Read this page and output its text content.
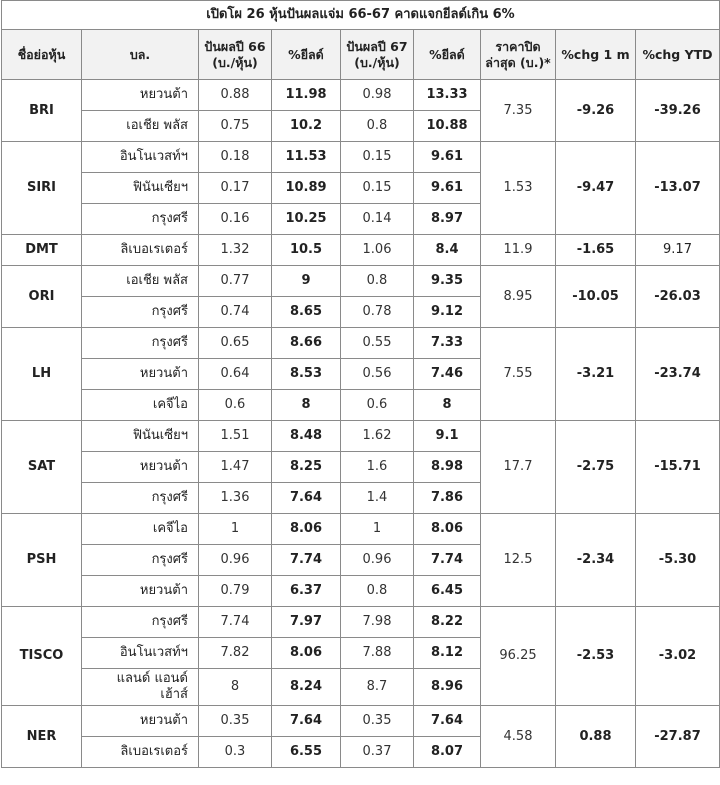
เปิดโผ 26 หุ้นปันผลแจ่ม 66-67 คาดแจกยีลด์เกิน 6%								
ชื่อย่อหุ้น	บล.	ปันผลปี 66 (บ./หุ้น)	%ยีลด์	ปันผลปี 67 (บ./หุ้น)	%ยีลด์	ราคาปิดล่าสุด (บ.)*	%chg 1 m	%chg YTD
BRI	หยวนต้า	0.88	11.98	0.98	13.33	7.35	-9.26	-39.26
	เอเชีย พลัส	0.75	10.2	0.8	10.88			
SIRI	อินโนเวสท์ฯ	0.18	11.53	0.15	9.61	1.53	-9.47	-13.07
	ฟินันเซียฯ	0.17	10.89	0.15	9.61			
	กรุงศรี	0.16	10.25	0.14	8.97			
DMT	ลิเบอเรเตอร์	1.32	10.5	1.06	8.4	11.9	-1.65	9.17
ORI	เอเชีย พลัส	0.77	9	0.8	9.35	8.95	-10.05	-26.03
	กรุงศรี	0.74	8.65	0.78	9.12			
LH	กรุงศรี	0.65	8.66	0.55	7.33	7.55	-3.21	-23.74
	หยวนต้า	0.64	8.53	0.56	7.46			
	เคจีไอ	0.6	8	0.6	8			
SAT	ฟินันเซียฯ	1.51	8.48	1.62	9.1	17.7	-2.75	-15.71
	หยวนต้า	1.47	8.25	1.6	8.98			
	กรุงศรี	1.36	7.64	1.4	7.86			
PSH	เคจีไอ	1	8.06	1	8.06	12.5	-2.34	-5.30
	กรุงศรี	0.96	7.74	0.96	7.74			
	หยวนต้า	0.79	6.37	0.8	6.45			
TISCO	กรุงศรี	7.74	7.97	7.98	8.22	96.25	-2.53	-3.02
	อินโนเวสท์ฯ	7.82	8.06	7.88	8.12			
	แลนด์ แอนด์ เฮ้าส์	8	8.24	8.7	8.96			
NER	หยวนต้า	0.35	7.64	0.35	7.64	4.58	0.88	-27.87
	ลิเบอเรเตอร์	0.3	6.55	0.37	8.07			
